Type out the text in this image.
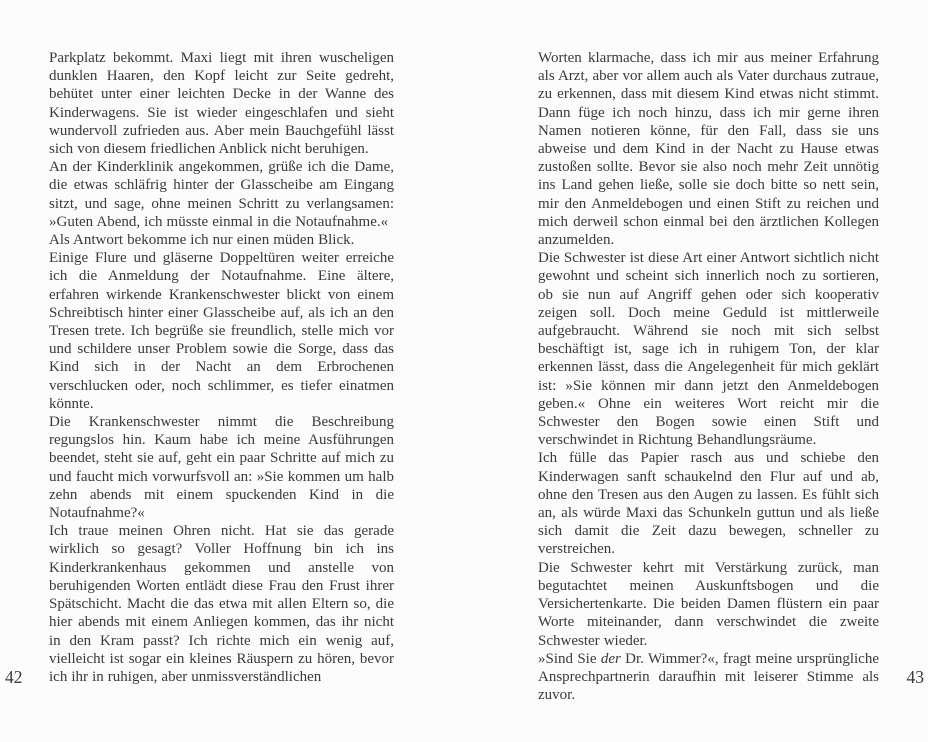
Parkplatz bekommt. Maxi liegt mit ihren wuscheligen dunklen Haaren, den Kopf leicht zur Seite gedreht, behütet unter einer leichten Decke in der Wanne des Kinderwagens. Sie ist wieder eingeschlafen und sieht wundervoll zufrieden aus. Aber mein Bauchgefühl lässt sich von diesem friedlichen Anblick nicht beruhigen.

An der Kinderklinik angekommen, grüße ich die Dame, die etwas schläfrig hinter der Glasscheibe am Eingang sitzt, und sage, ohne meinen Schritt zu verlangsamen: »Guten Abend, ich müsste einmal in die Notaufnahme.«

Als Antwort bekomme ich nur einen müden Blick.

Einige Flure und gläserne Doppeltüren weiter erreiche ich die Anmeldung der Notaufnahme. Eine ältere, erfahren wirkende Krankenschwester blickt von einem Schreibtisch hinter einer Glasscheibe auf, als ich an den Tresen trete. Ich begrüße sie freundlich, stelle mich vor und schildere unser Problem sowie die Sorge, dass das Kind sich in der Nacht an dem Erbrochenen verschlucken oder, noch schlimmer, es tiefer einatmen könnte.

Die Krankenschwester nimmt die Beschreibung regungslos hin. Kaum habe ich meine Ausführungen beendet, steht sie auf, geht ein paar Schritte auf mich zu und faucht mich vorwurfsvoll an: »Sie kommen um halb zehn abends mit einem spuckenden Kind in die Notaufnahme?«

Ich traue meinen Ohren nicht. Hat sie das gerade wirklich so gesagt? Voller Hoffnung bin ich ins Kinderkrankenhaus gekommen und anstelle von beruhigenden Worten entlädt diese Frau den Frust ihrer Spätschicht. Macht die das etwa mit allen Eltern so, die hier abends mit einem Anliegen kommen, das ihr nicht in den Kram passt? Ich richte mich ein wenig auf, vielleicht ist sogar ein kleines Räuspern zu hören, bevor ich ihr in ruhigen, aber unmissverständlichen

Worten klarmache, dass ich mir aus meiner Erfahrung als Arzt, aber vor allem auch als Vater durchaus zutraue, zu erkennen, dass mit diesem Kind etwas nicht stimmt. Dann füge ich noch hinzu, dass ich mir gerne ihren Namen notieren könne, für den Fall, dass sie uns abweise und dem Kind in der Nacht zu Hause etwas zustoßen sollte. Bevor sie also noch mehr Zeit unnötig ins Land gehen ließe, solle sie doch bitte so nett sein, mir den Anmeldebogen und einen Stift zu reichen und mich derweil schon einmal bei den ärztlichen Kollegen anzumelden.

Die Schwester ist diese Art einer Antwort sichtlich nicht gewohnt und scheint sich innerlich noch zu sortieren, ob sie nun auf Angriff gehen oder sich kooperativ zeigen soll. Doch meine Geduld ist mittlerweile aufgebraucht. Während sie noch mit sich selbst beschäftigt ist, sage ich in ruhigem Ton, der klar erkennen lässt, dass die Angelegenheit für mich geklärt ist: »Sie können mir dann jetzt den Anmeldebogen geben.« Ohne ein weiteres Wort reicht mir die Schwester den Bogen sowie einen Stift und verschwindet in Richtung Behandlungsräume.

Ich fülle das Papier rasch aus und schiebe den Kinderwagen sanft schaukelnd den Flur auf und ab, ohne den Tresen aus den Augen zu lassen. Es fühlt sich an, als würde Maxi das Schunkeln guttun und als ließe sich damit die Zeit dazu bewegen, schneller zu verstreichen.

Die Schwester kehrt mit Verstärkung zurück, man begutachtet meinen Auskunftsbogen und die Versichertenkarte. Die beiden Damen flüstern ein paar Worte miteinander, dann verschwindet die zweite Schwester wieder.

»Sind Sie der Dr. Wimmer?«, fragt meine ursprüngliche Ansprechpartnerin daraufhin mit leiserer Stimme als zuvor.

42	43
